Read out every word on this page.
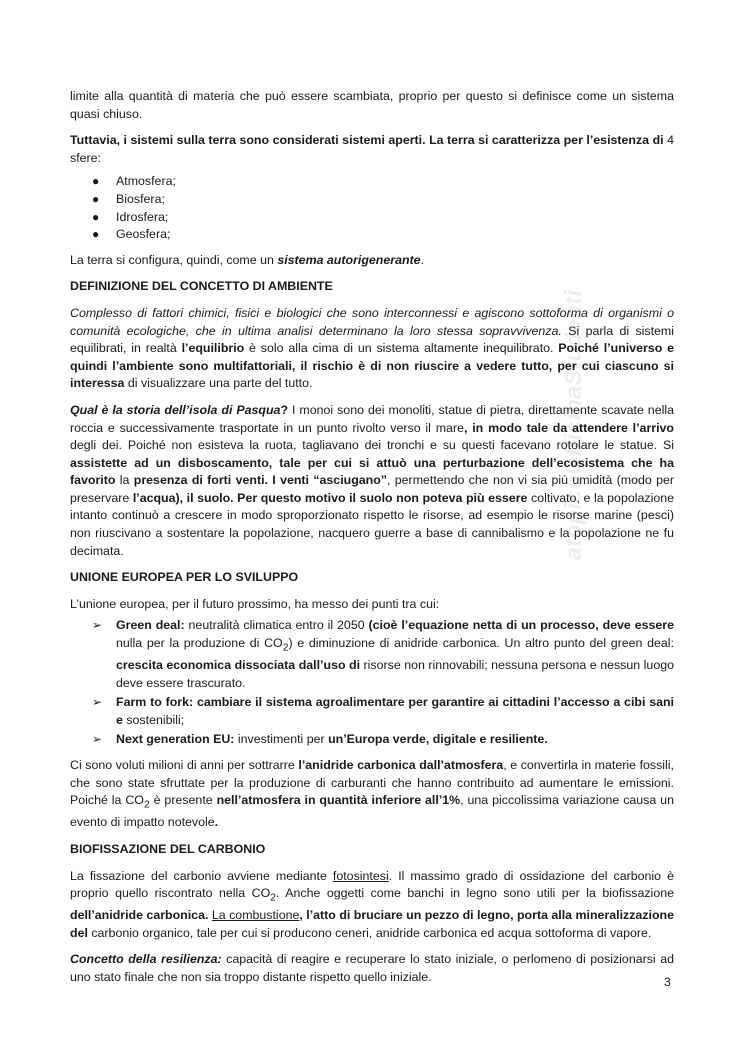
atopicoOfficinaStudenti

limite alla quantità di materia che può essere scambiata, proprio per questo si definisce come un sistema quasi chiuso.

Tuttavia, i sistemi sulla terra sono considerati sistemi aperti. La terra si caratterizza per l’esistenza di 4 sfere:

● Atmosfera;
● Biosfera;
● Idrosfera;
● Geosfera;

La terra si configura, quindi, come un sistema autorigenerante.

DEFINIZIONE DEL CONCETTO DI AMBIENTE

Complesso di fattori chimici, fisici e biologici che sono interconnessi e agiscono sottoforma di organismi o comunità ecologiche, che in ultima analisi determinano la loro stessa sopravvivenza. Si parla di sistemi equilibrati, in realtà l’equilibrio è solo alla cima di un sistema altamente inequilibrato. Poiché l’universo e quindi l’ambiente sono multifattoriali, il rischio è di non riuscire a vedere tutto, per cui ciascuno si interessa di visualizzare una parte del tutto.

Qual è la storia dell’isola di Pasqua? I monoi sono dei monoliti, statue di pietra, direttamente scavate nella roccia e successivamente trasportate in un punto rivolto verso il mare, in modo tale da attendere l’arrivo degli dei. Poiché non esisteva la ruota, tagliavano dei tronchi e su questi facevano rotolare le statue. Si assistette ad un disboscamento, tale per cui si attuò una perturbazione dell’ecosistema che ha favorito la presenza di forti venti. I venti “asciugano”, permettendo che non vi sia più umidità (modo per preservare l’acqua), il suolo. Per questo motivo il suolo non poteva più essere coltivato, e la popolazione intanto continuò a crescere in modo sproporzionato rispetto le risorse, ad esempio le risorse marine (pesci) non riuscivano a sostentare la popolazione, nacquero guerre a base di cannibalismo e la popolazione ne fu decimata.

UNIONE EUROPEA PER LO SVILUPPO

L’unione europea, per il futuro prossimo, ha messo dei punti tra cui:

➢ Green deal: neutralità climatica entro il 2050 (cioè l’equazione netta di un processo, deve essere nulla per la produzione di $CO_2$) e diminuzione di anidride carbonica. Un altro punto del green deal: crescita economica dissociata dall’uso di risorse non rinnovabili; nessuna persona e nessun luogo deve essere trascurato.
➢ Farm to fork: cambiare il sistema agroalimentare per garantire ai cittadini l’accesso a cibi sani e sostenibili;
➢ Next generation EU: investimenti per un’Europa verde, digitale e resiliente.

Ci sono voluti milioni di anni per sottrarre l’anidride carbonica dall’atmosfera, e convertirla in materie fossili, che sono state sfruttate per la produzione di carburanti che hanno contribuito ad aumentare le emissioni. Poiché la $CO_2$ è presente nell’atmosfera in quantità inferiore all’1%, una piccolissima variazione causa un evento di impatto notevole.

BIOFISSAZIONE DEL CARBONIO

La fissazione del carbonio avviene mediante fotosintesi. Il massimo grado di ossidazione del carbonio è proprio quello riscontrato nella $CO_2$. Anche oggetti come banchi in legno sono utili per la biofissazione dell’anidride carbonica. La combustione, l’atto di bruciare un pezzo di legno, porta alla mineralizzazione del carbonio organico, tale per cui si producono ceneri, anidride carbonica ed acqua sottoforma di vapore.

Concetto della resilienza: capacità di reagire e recuperare lo stato iniziale, o perlomeno di posizionarsi ad uno stato finale che non sia troppo distante rispetto quello iniziale.	3
